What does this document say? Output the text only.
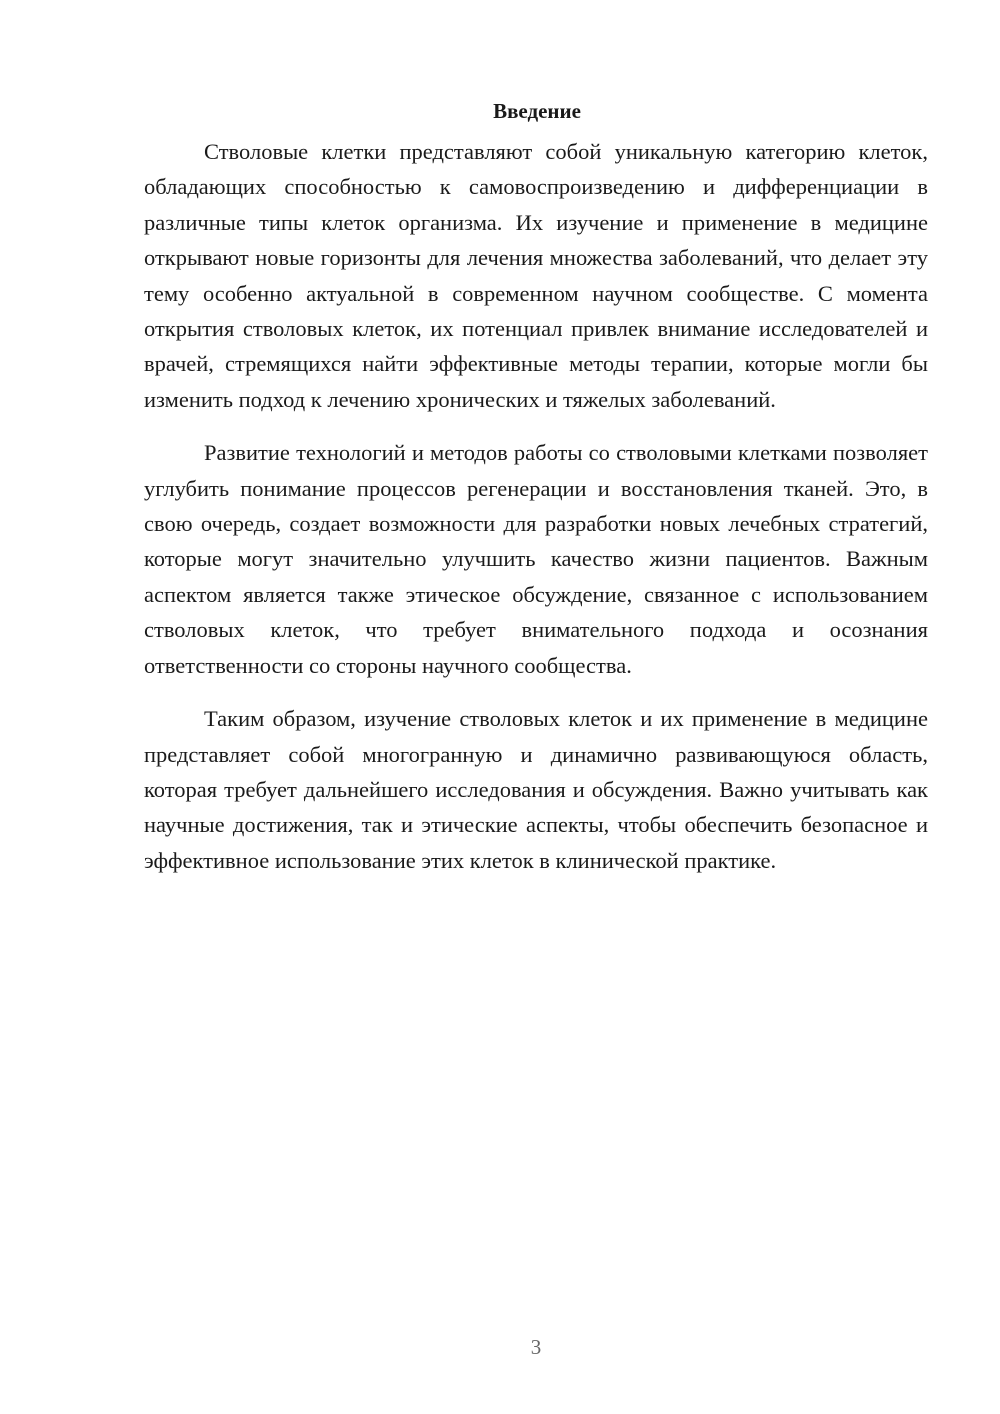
Введение

Стволовые клетки представляют собой уникальную категорию клеток, обладающих способностью к самовоспроизведению и дифференциации в различные типы клеток организма. Их изучение и применение в медицине открывают новые горизонты для лечения множества заболеваний, что делает эту тему особенно актуальной в современном научном сообществе. С момента открытия стволовых клеток, их потенциал привлек внимание исследователей и врачей, стремящихся найти эффективные методы терапии, которые могли бы изменить подход к лечению хронических и тяжелых заболеваний.

Развитие технологий и методов работы со стволовыми клетками позволяет углубить понимание процессов регенерации и восстановления тканей. Это, в свою очередь, создает возможности для разработки новых лечебных стратегий, которые могут значительно улучшить качество жизни пациентов. Важным аспектом является также этическое обсуждение, связанное с использованием стволовых клеток, что требует внимательного подхода и осознания ответственности со стороны научного сообщества.

Таким образом, изучение стволовых клеток и их применение в медицине представляет собой многогранную и динамично развивающуюся область, которая требует дальнейшего исследования и обсуждения. Важно учитывать как научные достижения, так и этические аспекты, чтобы обеспечить безопасное и эффективное использование этих клеток в клинической практике.

3
